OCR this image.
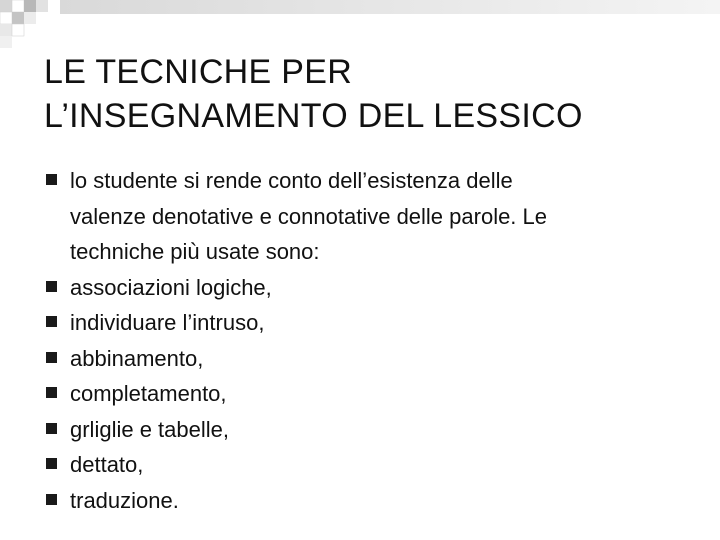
LE TECNICHE PER
L’INSEGNAMENTO DEL LESSICO
lo studente si rende conto dell’esistenza delle
valenze denotative e connotative delle parole. Le
techniche più usate sono:
associazioni logiche,
individuare l’intruso,
abbinamento,
completamento,
grliglie e tabelle,
dettato,
traduzione.
